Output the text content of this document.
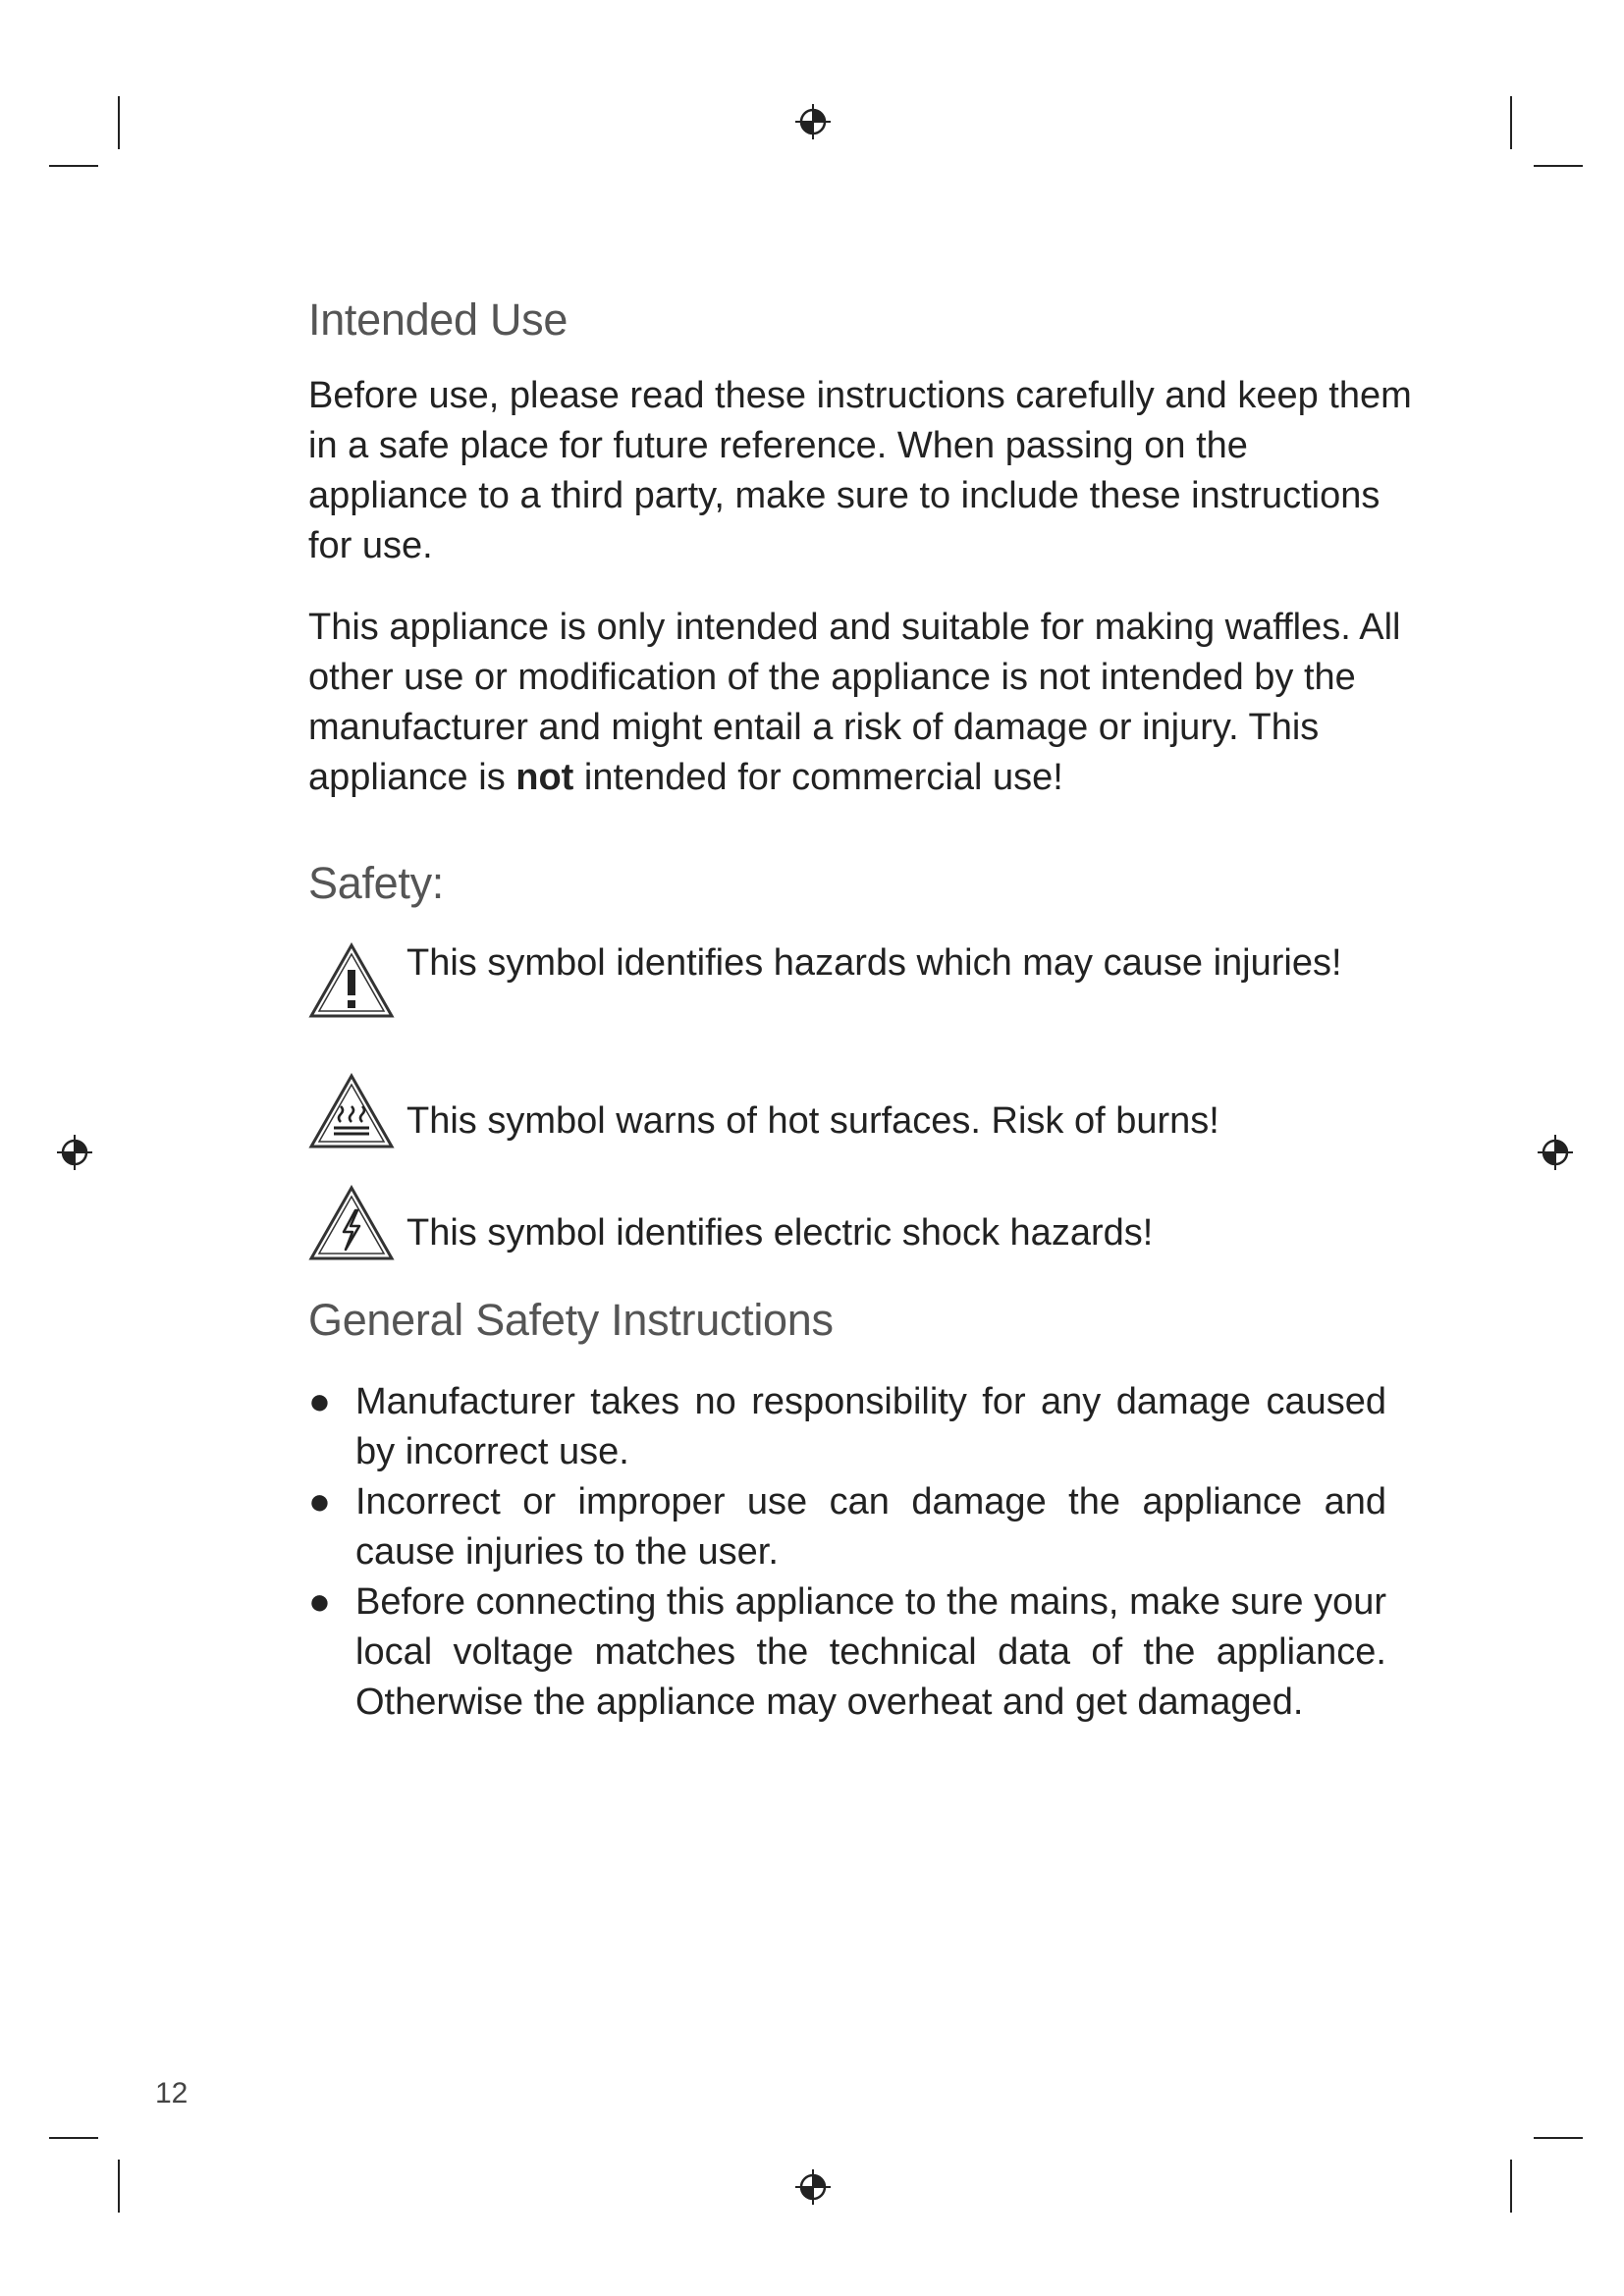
Intended Use

Before use, please read these instructions carefully and keep them in a safe place for future reference. When passing on the appliance to a third party, make sure to include these instructions for use.

This appliance is only intended and suitable for making waffles. All other use or modification of the appliance is not intended by the manufacturer and might entail a risk of damage or injury. This appliance is not intended for commercial use!

Safety:
This symbol identifies hazards which may cause injuries!
This symbol warns of hot surfaces. Risk of burns!
This symbol identifies electric shock hazards!
General Safety Instructions
● Manufacturer takes no responsibility for any damage caused by incorrect use.
● Incorrect or improper use can damage the appliance and cause injuries to the user.
● Before connecting this appliance to the mains, make sure your local voltage matches the technical data of the appliance. Otherwise the appliance may overheat and get damaged.
12
